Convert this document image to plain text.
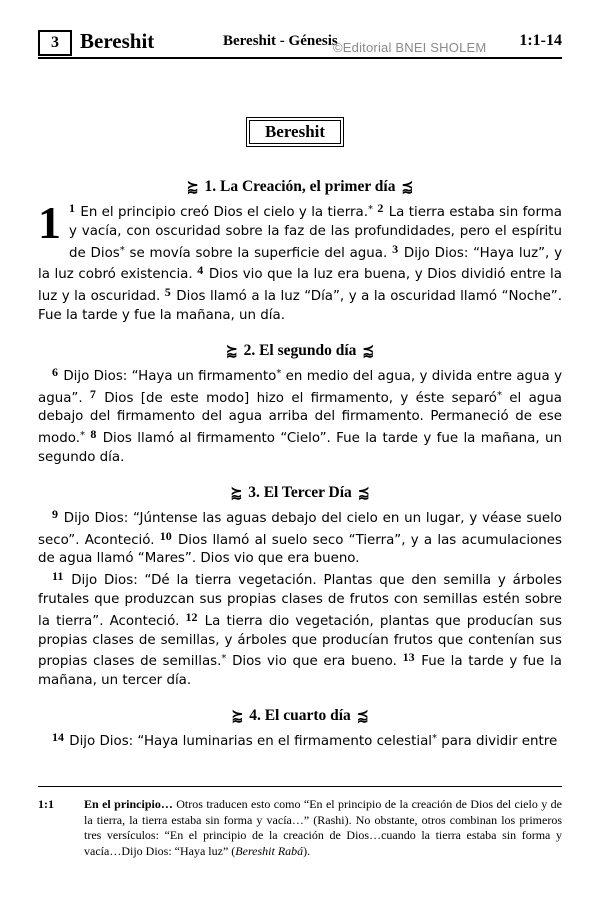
3	Bereshit	Bereshit - Génesis
©Editorial BNEI SHOLEM 1:1-14
Bereshit
⪸ 1. La Creación, el primer día ⪷

1 1 En el principio creó Dios el cielo y la tierra.* 2 La tierra estaba sin forma y vacía, con oscuridad sobre la faz de las profundidades, pero el espíritu de Dios* se movía sobre la superficie del agua. 3 Dijo Dios: “Haya luz”, y la luz cobró existencia. 4 Dios vio que la luz era buena, y Dios dividió entre la luz y la oscuridad. 5 Dios llamó a la luz “Día”, y a la oscuridad llamó “Noche”. Fue la tarde y fue la mañana, un día.

⪸ 2. El segundo día ⪷

6 Dijo Dios: “Haya un firmamento* en medio del agua, y divida entre agua y agua”. 7 Dios [de este modo] hizo el firmamento, y éste separó* el agua debajo del firmamento del agua arriba del firmamento. Permaneció de ese modo.* 8 Dios llamó al firmamento “Cielo”. Fue la tarde y fue la mañana, un segundo día.

⪸ 3. El Tercer Día ⪷

9 Dijo Dios: “Júntense las aguas debajo del cielo en un lugar, y véase suelo seco”. Aconteció. 10 Dios llamó al suelo seco “Tierra”, y a las acumulaciones de agua llamó “Mares”. Dios vio que era bueno.

11 Dijo Dios: “Dé la tierra vegetación. Plantas que den semilla y árboles frutales que produzcan sus propias clases de frutos con semillas estén sobre la tierra”. Aconteció. 12 La tierra dio vegetación, plantas que producían sus propias clases de semillas, y árboles que producían frutos que contenían sus propias clases de semillas.* Dios vio que era bueno. 13 Fue la tarde y fue la mañana, un tercer día.

⪸ 4. El cuarto día ⪷

14 Dijo Dios: “Haya luminarias en el firmamento celestial* para dividir entre

1:1	En el principio… Otros traducen esto como “En el principio de la creación de Dios del cielo y de la tierra, la tierra estaba sin forma y vacía…” (Rashi). No obstante, otros combinan los primeros tres versículos: “En el principio de la creación de Dios…cuando la tierra estaba sin forma y vacía…Dijo Dios: “Haya luz” (Bereshit Rabá).
